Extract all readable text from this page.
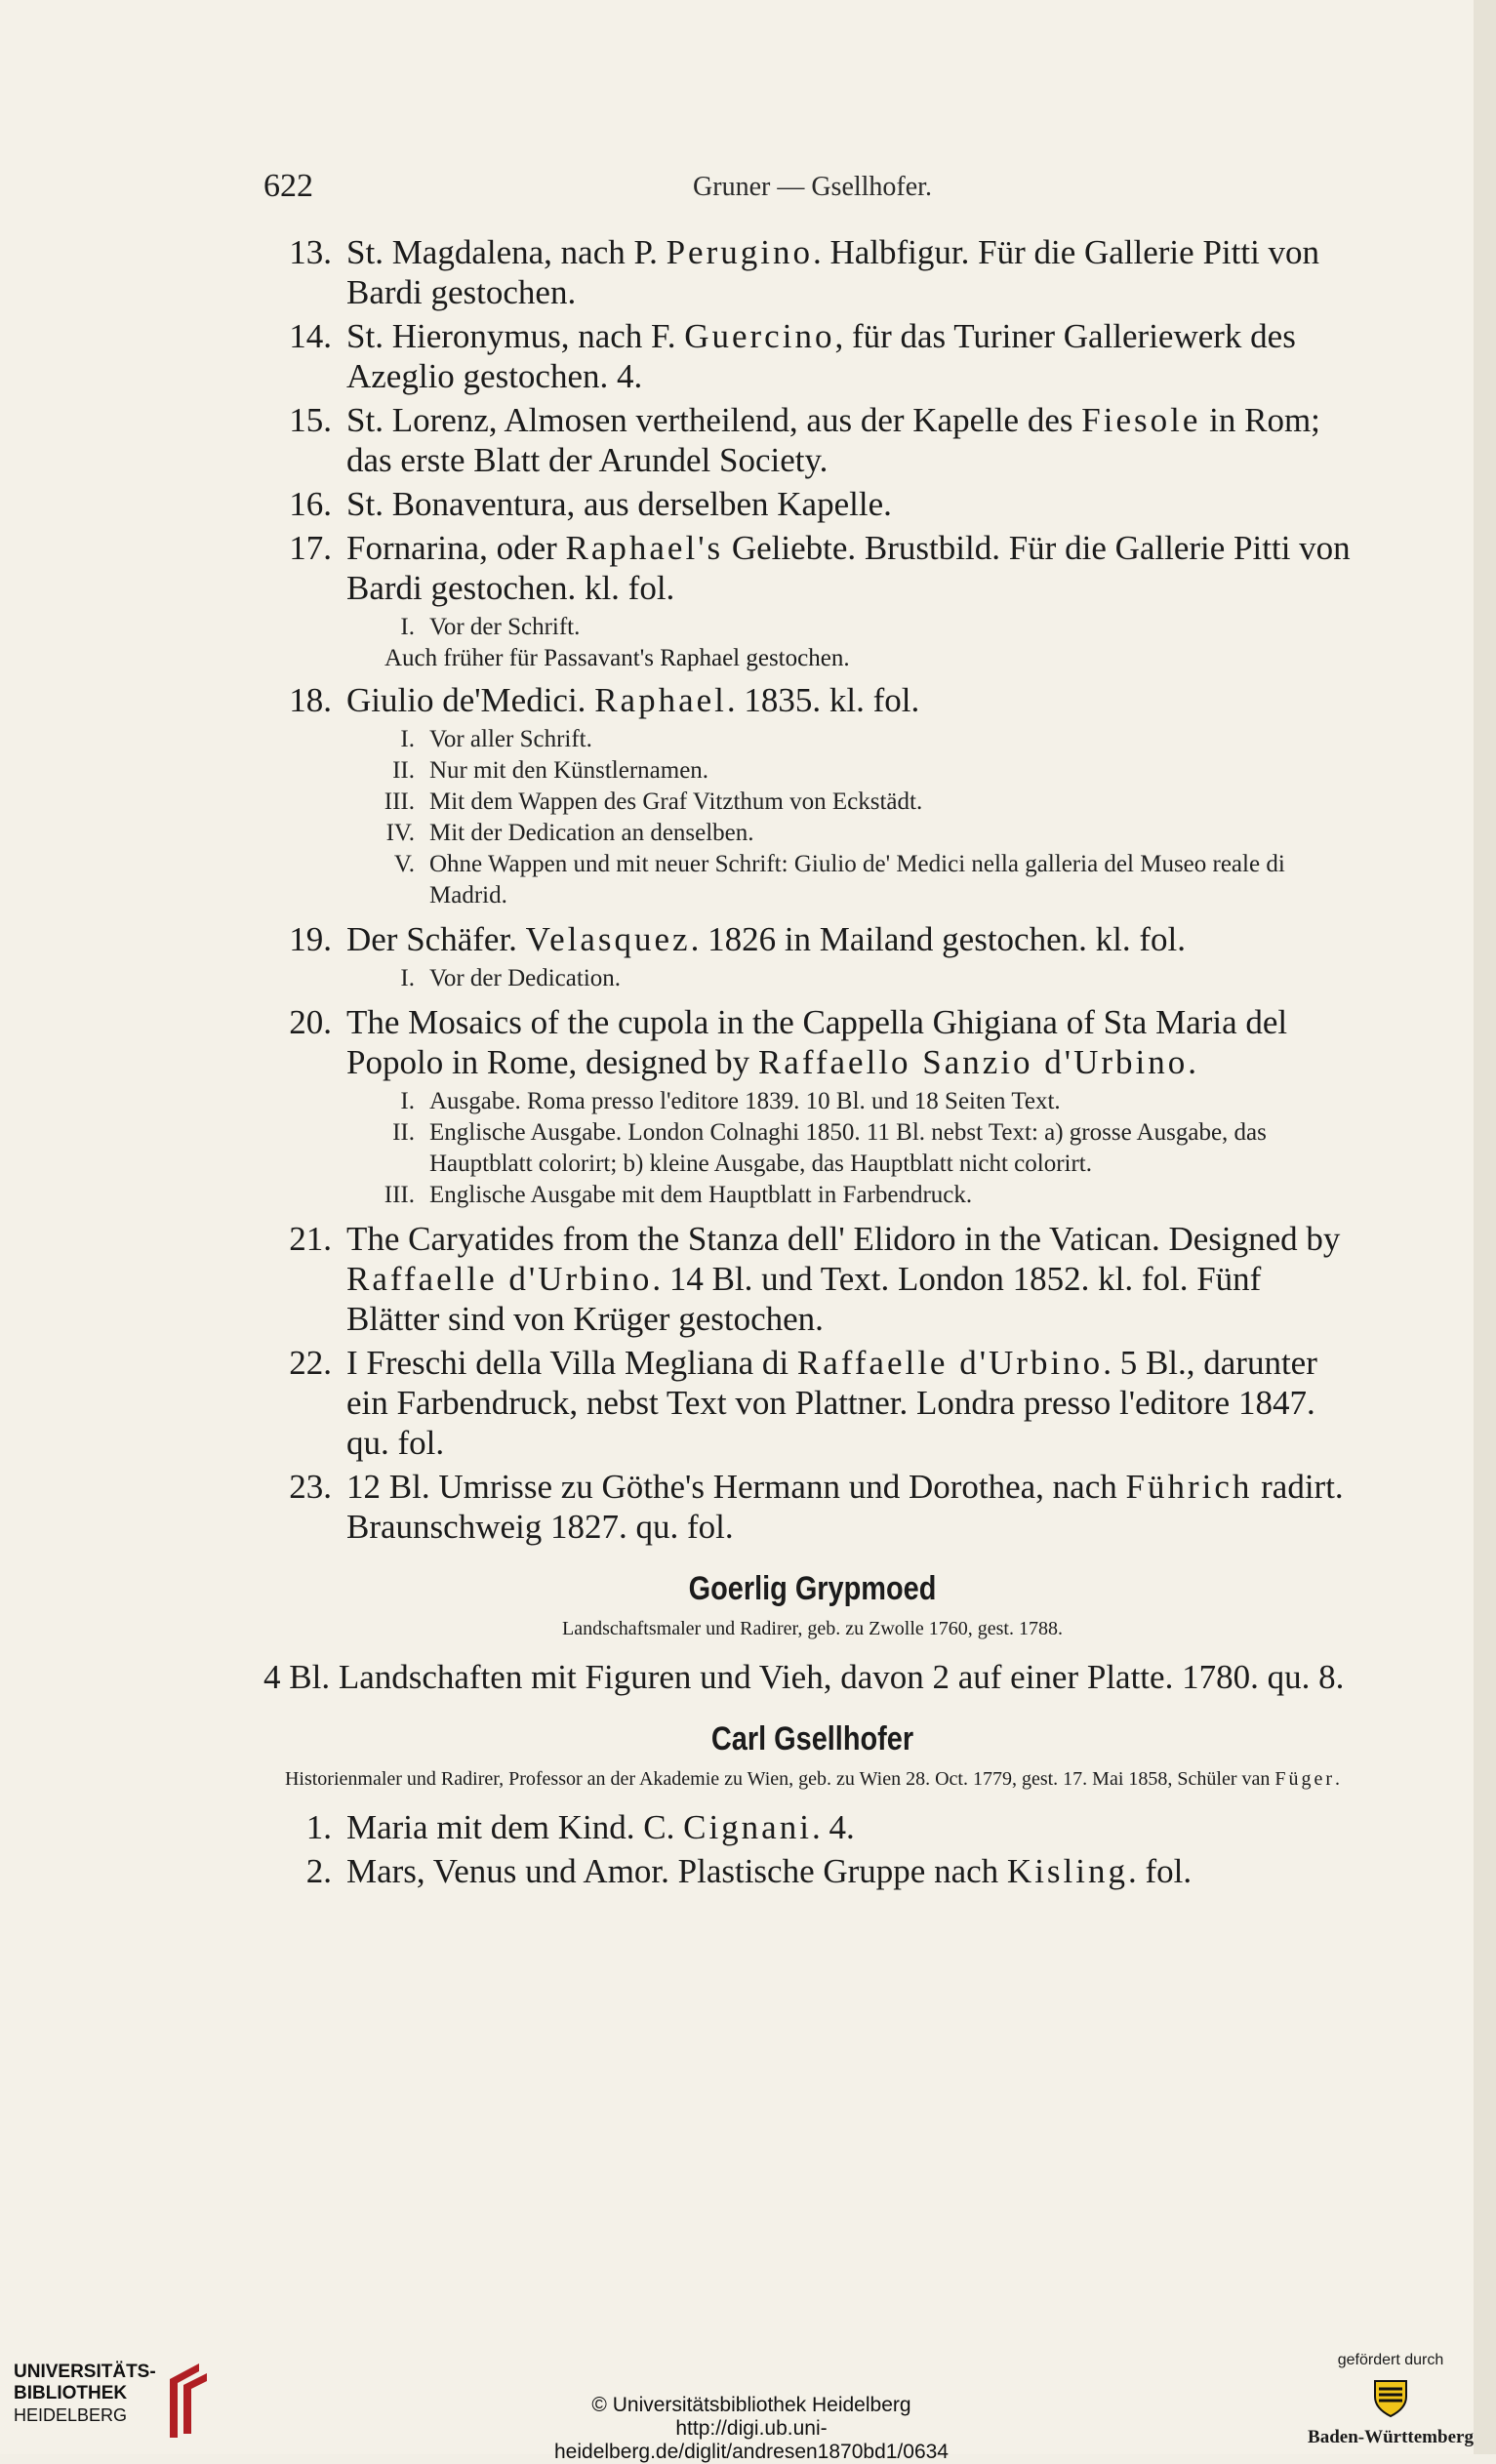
622	Gruner — Gsellhofer.
13. St. Magdalena, nach P. Perugino. Halbfigur. Für die Gallerie Pitti von Bardi gestochen.
14. St. Hieronymus, nach F. Guercino, für das Turiner Galleriewerk des Azeglio gestochen. 4.
15. St. Lorenz, Almosen vertheilend, aus der Kapelle des Fiesole in Rom; das erste Blatt der Arundel Society.
16. St. Bonaventura, aus derselben Kapelle.
17. Fornarina, oder Raphael's Geliebte. Brustbild. Für die Gallerie Pitti von Bardi gestochen. kl. fol.
I. Vor der Schrift.
Auch früher für Passavant's Raphael gestochen.
18. Giulio de'Medici. Raphael. 1835. kl. fol.
I. Vor aller Schrift.
II. Nur mit den Künstlernamen.
III. Mit dem Wappen des Graf Vitzthum von Eckstädt.
IV. Mit der Dedication an denselben.
V. Ohne Wappen und mit neuer Schrift: Giulio de' Medici nella galleria del Museo reale di Madrid.
19. Der Schäfer. Velasquez. 1826 in Mailand gestochen. kl. fol.
I. Vor der Dedication.
20. The Mosaics of the cupola in the Cappella Ghigiana of Sta Maria del Popolo in Rome, designed by Raffaello Sanzio d'Urbino.
I. Ausgabe. Roma presso l'editore 1839. 10 Bl. und 18 Seiten Text.
II. Englische Ausgabe. London Colnaghi 1850. 11 Bl. nebst Text: a) grosse Ausgabe, das Hauptblatt colorirt; b) kleine Ausgabe, das Hauptblatt nicht colorirt.
III. Englische Ausgabe mit dem Hauptblatt in Farbendruck.
21. The Caryatides from the Stanza dell' Elidoro in the Vatican. Designed by Raffaelle d'Urbino. 14 Bl. und Text. London 1852. kl. fol. Fünf Blätter sind von Krüger gestochen.
22. I Freschi della Villa Megliana di Raffaelle d'Urbino. 5 Bl., darunter ein Farbendruck, nebst Text von Plattner. Londra presso l'editore 1847. qu. fol.
23. 12 Bl. Umrisse zu Göthe's Hermann und Dorothea, nach Führich radirt. Braunschweig 1827. qu. fol.
Goerlig Grypmoed
Landschaftsmaler und Radirer, geb. zu Zwolle 1760, gest. 1788.
4 Bl. Landschaften mit Figuren und Vieh, davon 2 auf einer Platte. 1780. qu. 8.
Carl Gsellhofer
Historienmaler und Radirer, Professor an der Akademie zu Wien, geb. zu Wien 28. Oct. 1779, gest. 17. Mai 1858, Schüler van Füger.
1. Maria mit dem Kind. C. Cignani. 4.
2. Mars, Venus und Amor. Plastische Gruppe nach Kisling. fol.
UNIVERSITÄTS-
BIBLIOTHEK
HEIDELBERG	© Universitätsbibliothek Heidelberg
http://digi.ub.uni-heidelberg.de/diglit/andresen1870bd1/0634
gefördert durch
Baden-Württemberg
